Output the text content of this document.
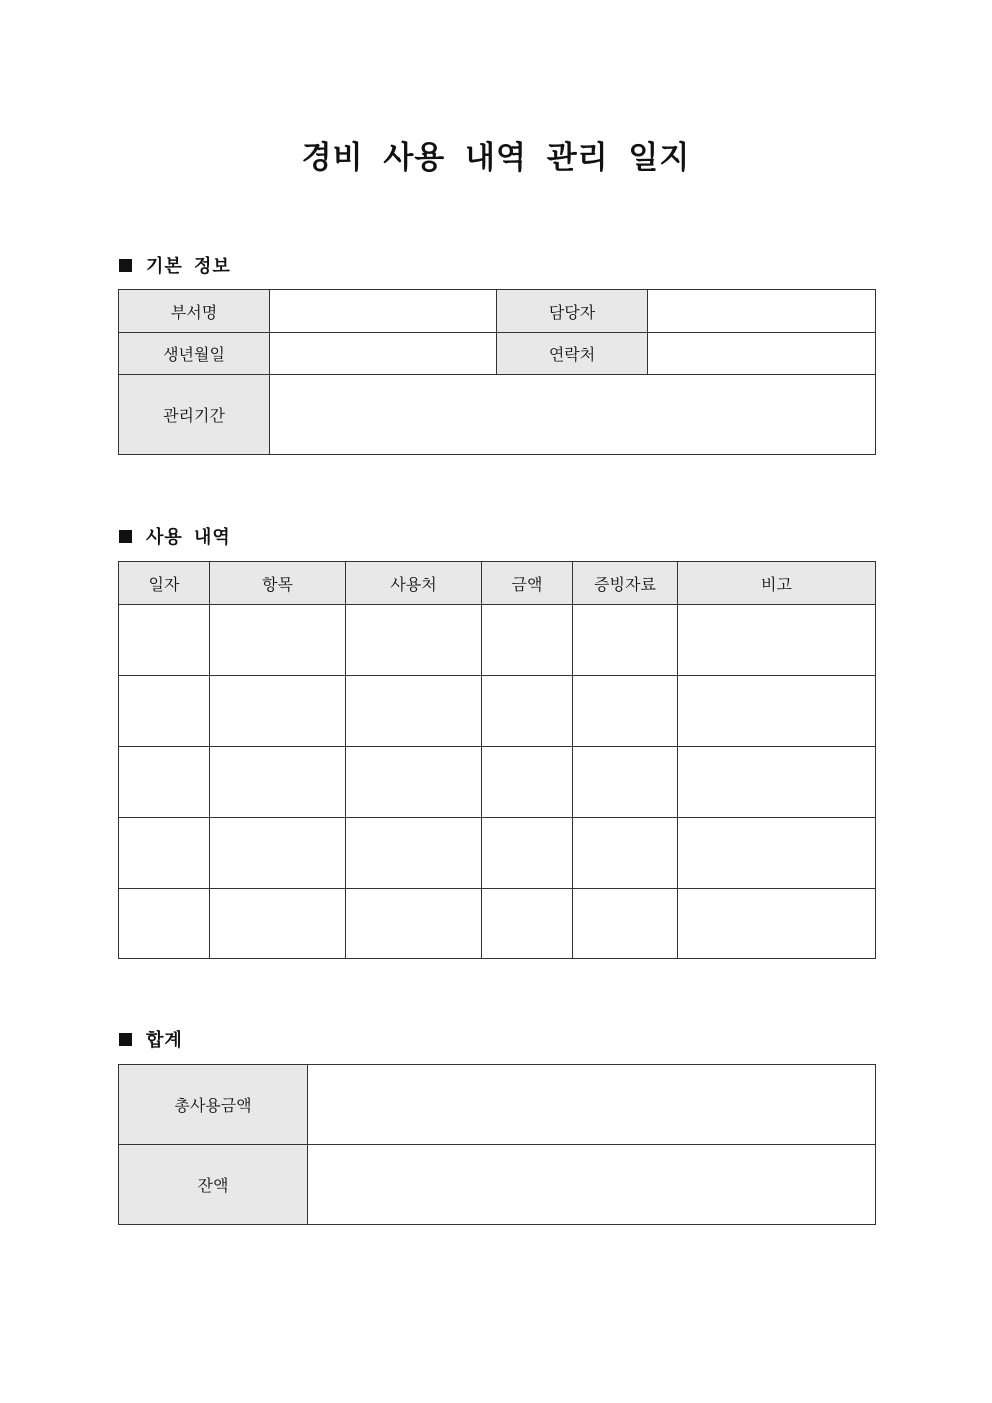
경비 사용 내역 관리 일지
기본 정보
부서명		담당자	
생년월일		연락처	
관리기간			
사용 내역
일자	항목	사용처	금액	증빙자료	비고

합계
총사용금액	
잔액	
